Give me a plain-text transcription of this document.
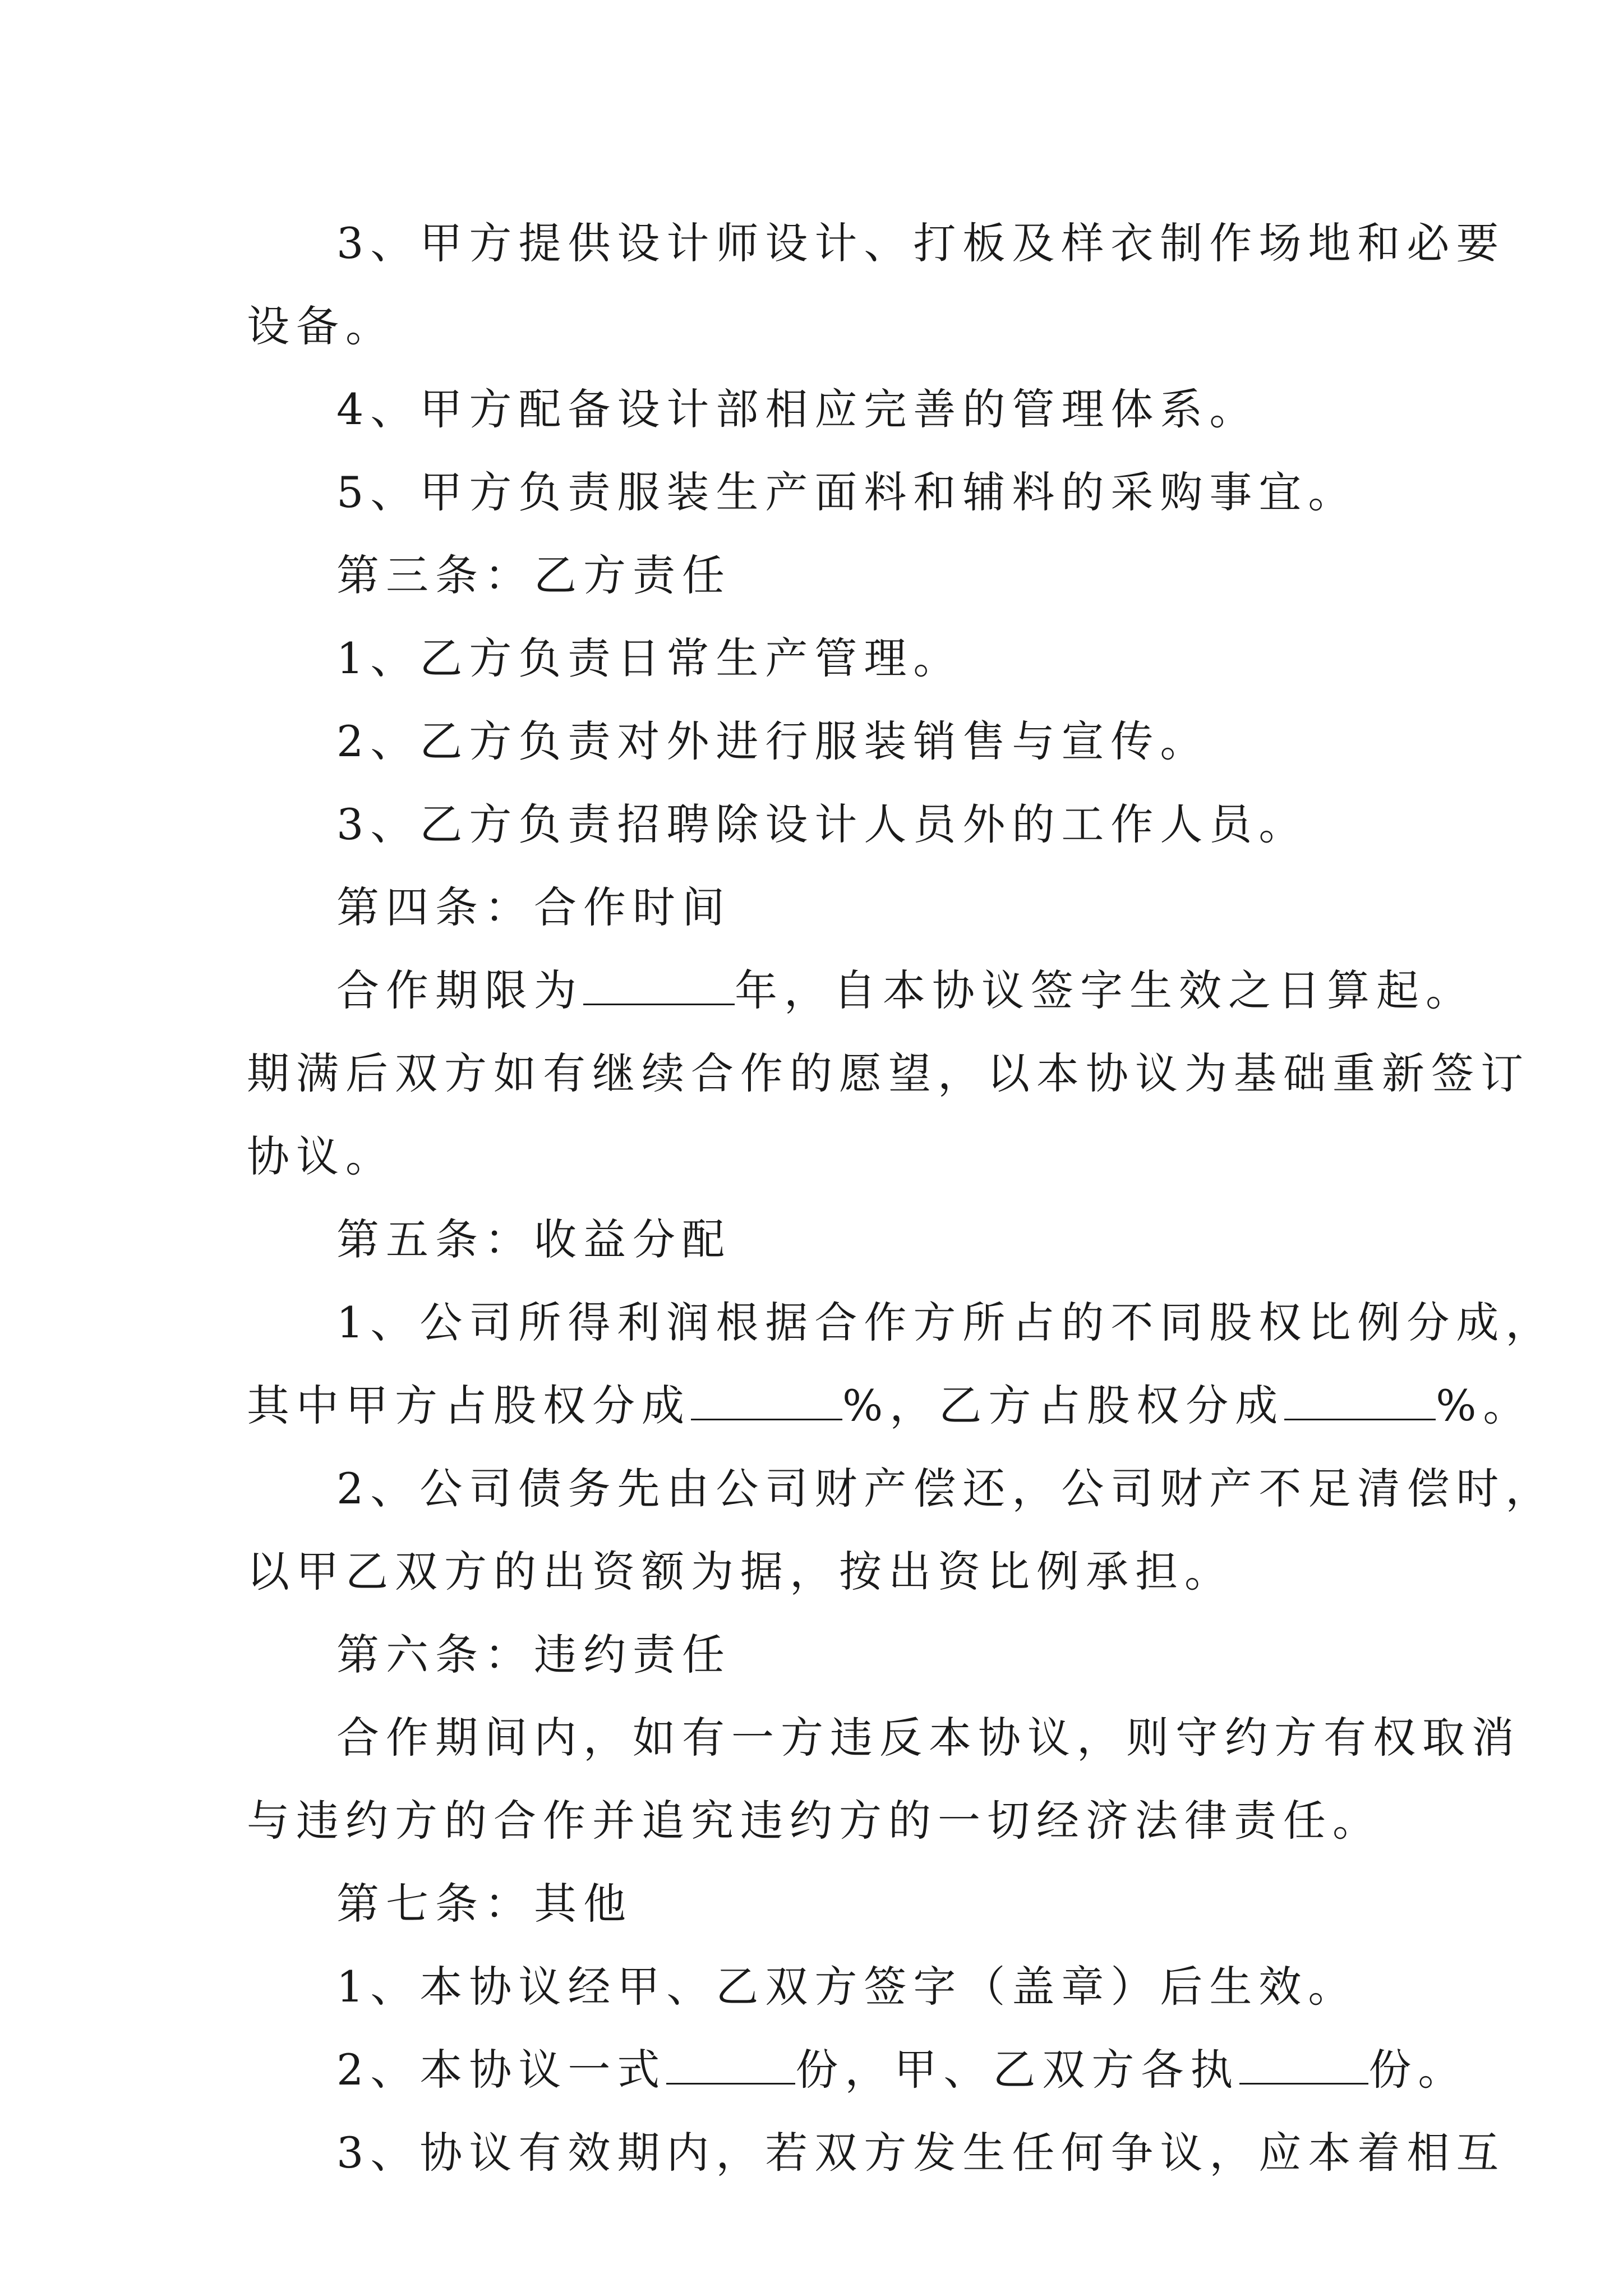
3、甲方提供设计师设计、打板及样衣制作场地和必要
设备。

4、甲方配备设计部相应完善的管理体系。

5、甲方负责服装生产面料和辅料的采购事宜。

第三条：乙方责任

1、乙方负责日常生产管理。

2、乙方负责对外进行服装销售与宣传。

3、乙方负责招聘除设计人员外的工作人员。

第四条：合作时间

合作期限为	年，自本协议签字生效之日算起。
期满后双方如有继续合作的愿望，以本协议为基础重新签订
协议。

第五条：收益分配

1、公司所得利润根据合作方所占的不同股权比例分成，
其中甲方占股权分成	%，乙方占股权分成	%。

2、公司债务先由公司财产偿还，公司财产不足清偿时，
以甲乙双方的出资额为据，按出资比例承担。

第六条：违约责任

合作期间内，如有一方违反本协议，则守约方有权取消
与违约方的合作并追究违约方的一切经济法律责任。

第七条：其他

1、本协议经甲、乙双方签字（盖章）后生效。

2、本协议一式	份，甲、乙双方各执	份。

3、协议有效期内，若双方发生任何争议，应本着相互
